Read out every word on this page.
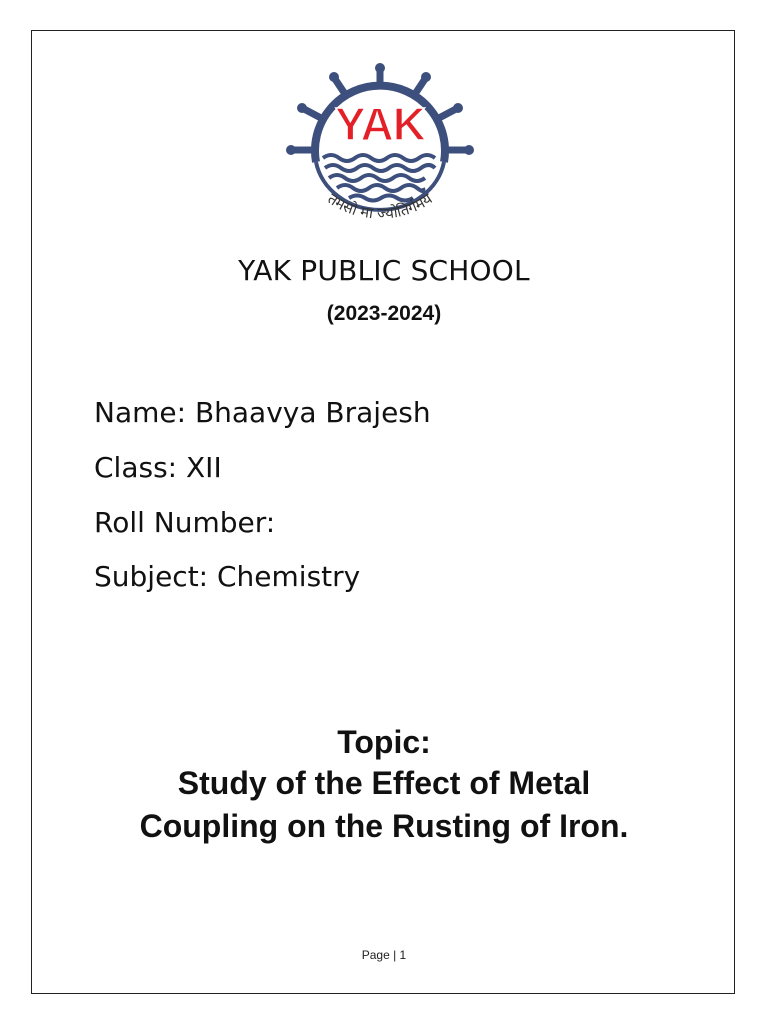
YAK
तमसो मा ज्योतिर्गमय
YAK PUBLIC SCHOOL
(2023-2024)
Name: Bhaavya Brajesh
Class: XII
Roll Number:
Subject: Chemistry
Topic:
Study of the Effect of Metal
Coupling on the Rusting of Iron.
Page | 1
